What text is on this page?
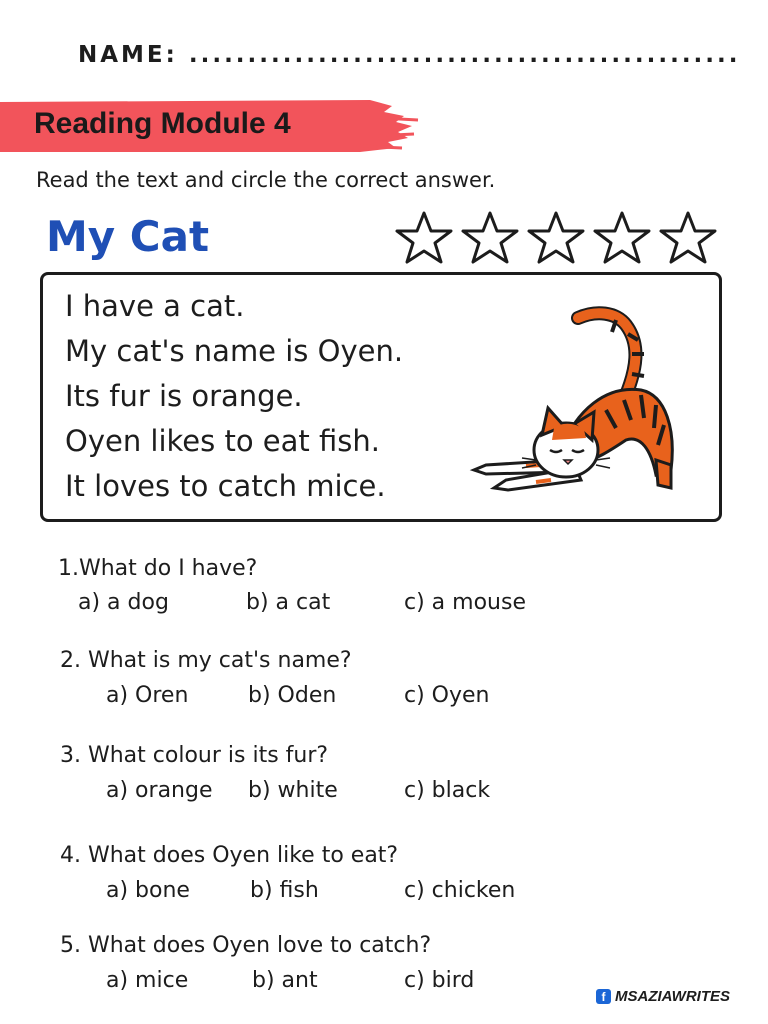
NAME: ...............................................
Reading Module 4
Read the text and circle the correct answer.
My Cat
I have a cat.
My cat's name is Oyen.
Its fur is orange.
Oyen likes to eat fish.
It loves to catch mice.
1.What do I have?
a) a dog	b) a cat	c) a mouse
2. What is my cat's name?
a) Oren	b) Oden	c) Oyen
3. What colour is its fur?
a) orange b) white	c) black
4. What does Oyen like to eat?
a) bone	b) fish	c) chicken
5. What does Oyen love to catch?
a) mice	b) ant	c) bird
f MSAZIAWRITES
